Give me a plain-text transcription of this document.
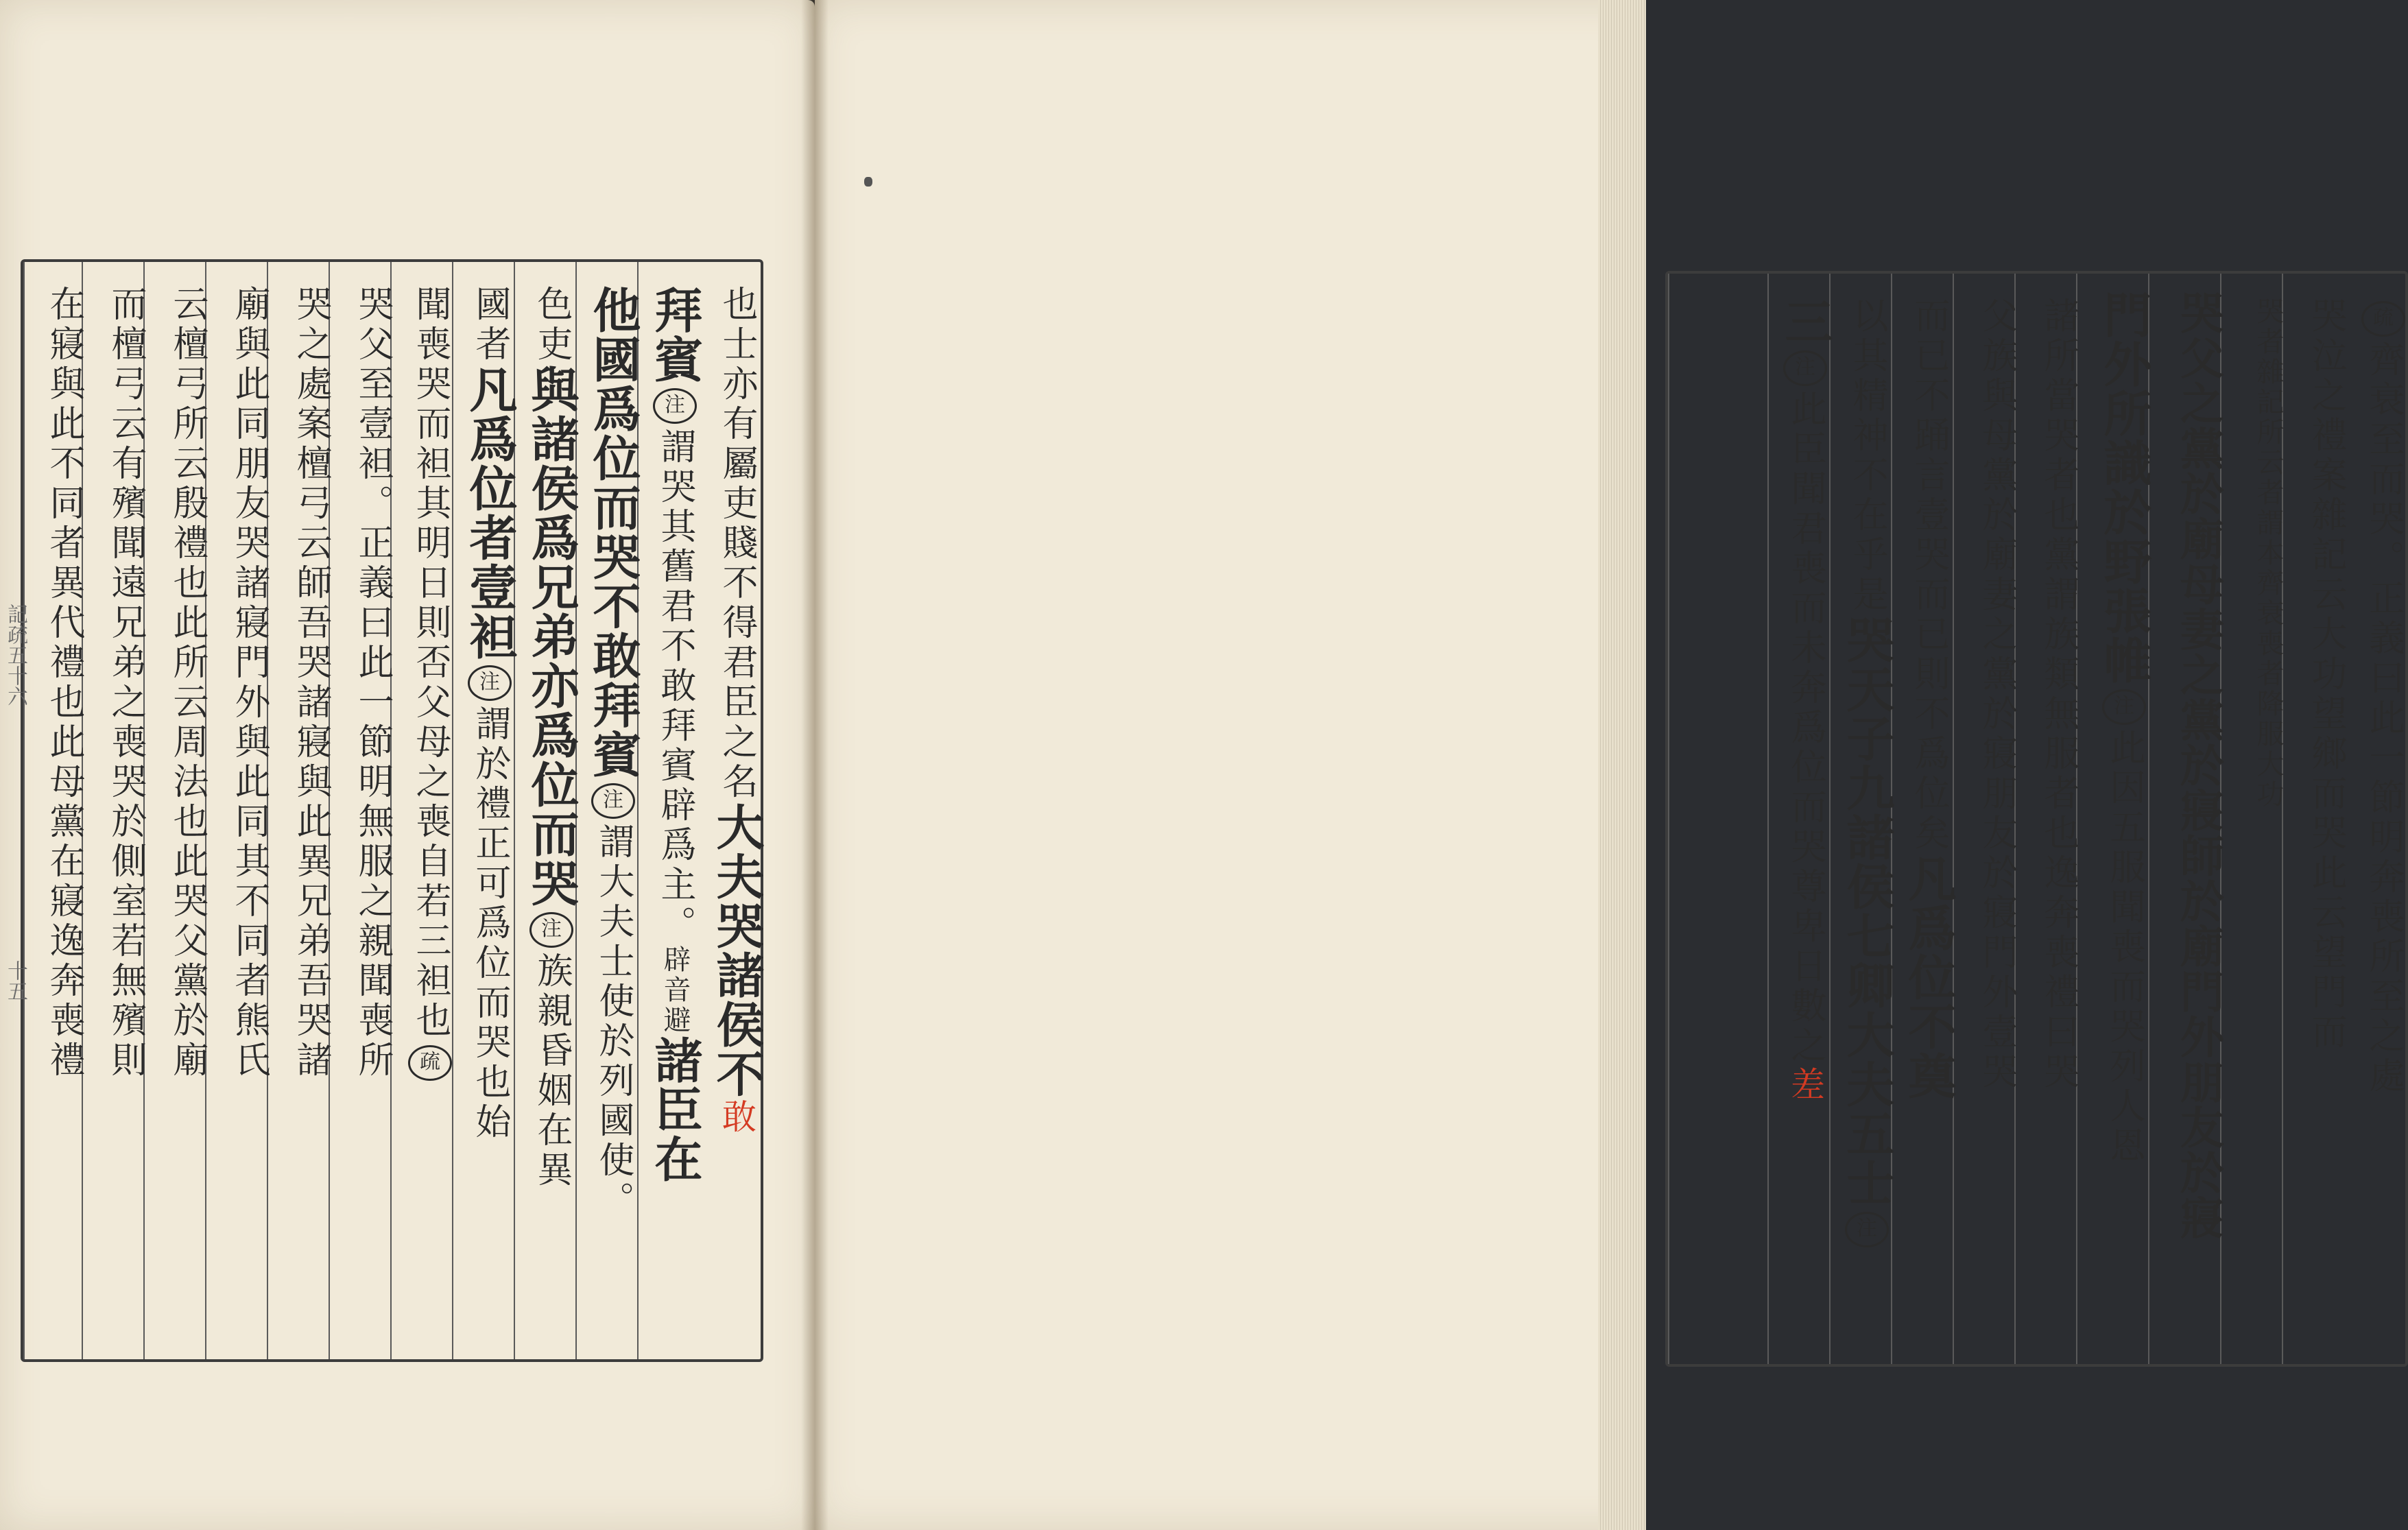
也士亦有屬吏賤不得君臣之名大夫哭諸侯不敢
拜賓注謂哭其舊君不敢拜賓辟爲主。辟音避諸臣在
他國爲位而哭不敢拜賓注謂大夫士使於列國使。
色吏與諸侯爲兄弟亦爲位而哭注族親昏姻在異
國者凡爲位者壹袒注謂於禮正可爲位而哭也始
聞喪哭而袒其明日則否父母之喪自若三袒也疏
哭父至壹袒。正義曰此一節明無服之親聞喪所
哭之處案檀弓云師吾哭諸寢與此異兄弟吾哭諸
廟與此同朋友哭諸寢門外與此同其不同者熊氏
云檀弓所云殷禮也此所云周法也此哭父黨於廟
而檀弓云有殯聞遠兄弟之喪哭於側室若無殯則
在寢與此不同者異代禮也此母黨在寢逸奔喪禮
記疏五十六
十五
疏齊衰至而哭。正義曰此一節明奔喪所至之處
哭泣之禮案雜記云大功望鄉而哭此云望門而
哭者雜記所云者謂本齊衰喪者降服大功
哭父之黨於廟母妻之黨於寢師於廟門外朋友於寢
門外所識於野張帷注此因五服聞喪而哭列人恩
諸所當哭者也黨謂族類無服者也逸奔喪禮曰哭
父族與母黨於廟妻之黨於寢朋友於寢門外壹哭
而已不踊言壹哭而已則不爲位矣凡爲位不奠
以其精神不在乎是哭天子九諸侯七卿大夫五士注
三注此臣聞君喪而未奔爲位而哭尊卑日數之差
